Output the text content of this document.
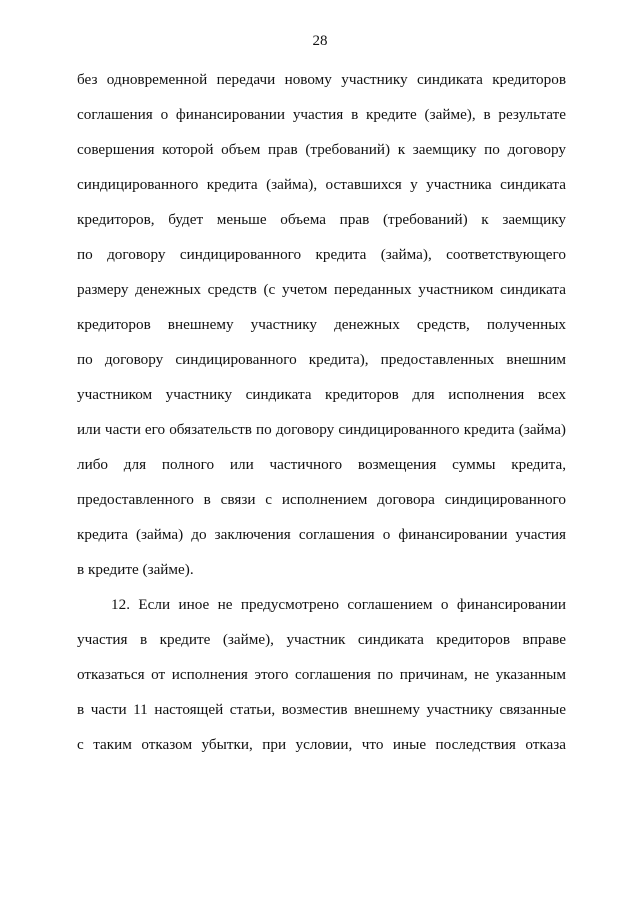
28
без одновременной передачи новому участнику синдиката кредиторов
соглашения о финансировании участия в кредите (займе), в результате
совершения которой объем прав (требований) к заемщику по договору
синдицированного кредита (займа), оставшихся у участника синдиката
кредиторов, будет меньше объема прав (требований) к заемщику
по договору синдицированного кредита (займа), соответствующего
размеру денежных средств (с учетом переданных участником синдиката
кредиторов внешнему участнику денежных средств, полученных
по договору синдицированного кредита), предоставленных внешним
участником участнику синдиката кредиторов для исполнения всех
или части его обязательств по договору синдицированного кредита (займа)
либо для полного или частичного возмещения суммы кредита,
предоставленного в связи с исполнением договора синдицированного
кредита (займа) до заключения соглашения о финансировании участия
в кредите (займе).
12. Если иное не предусмотрено соглашением о финансировании
участия в кредите (займе), участник синдиката кредиторов вправе
отказаться от исполнения этого соглашения по причинам, не указанным
в части 11 настоящей статьи, возместив внешнему участнику связанные
с таким отказом убытки, при условии, что иные последствия отказа
